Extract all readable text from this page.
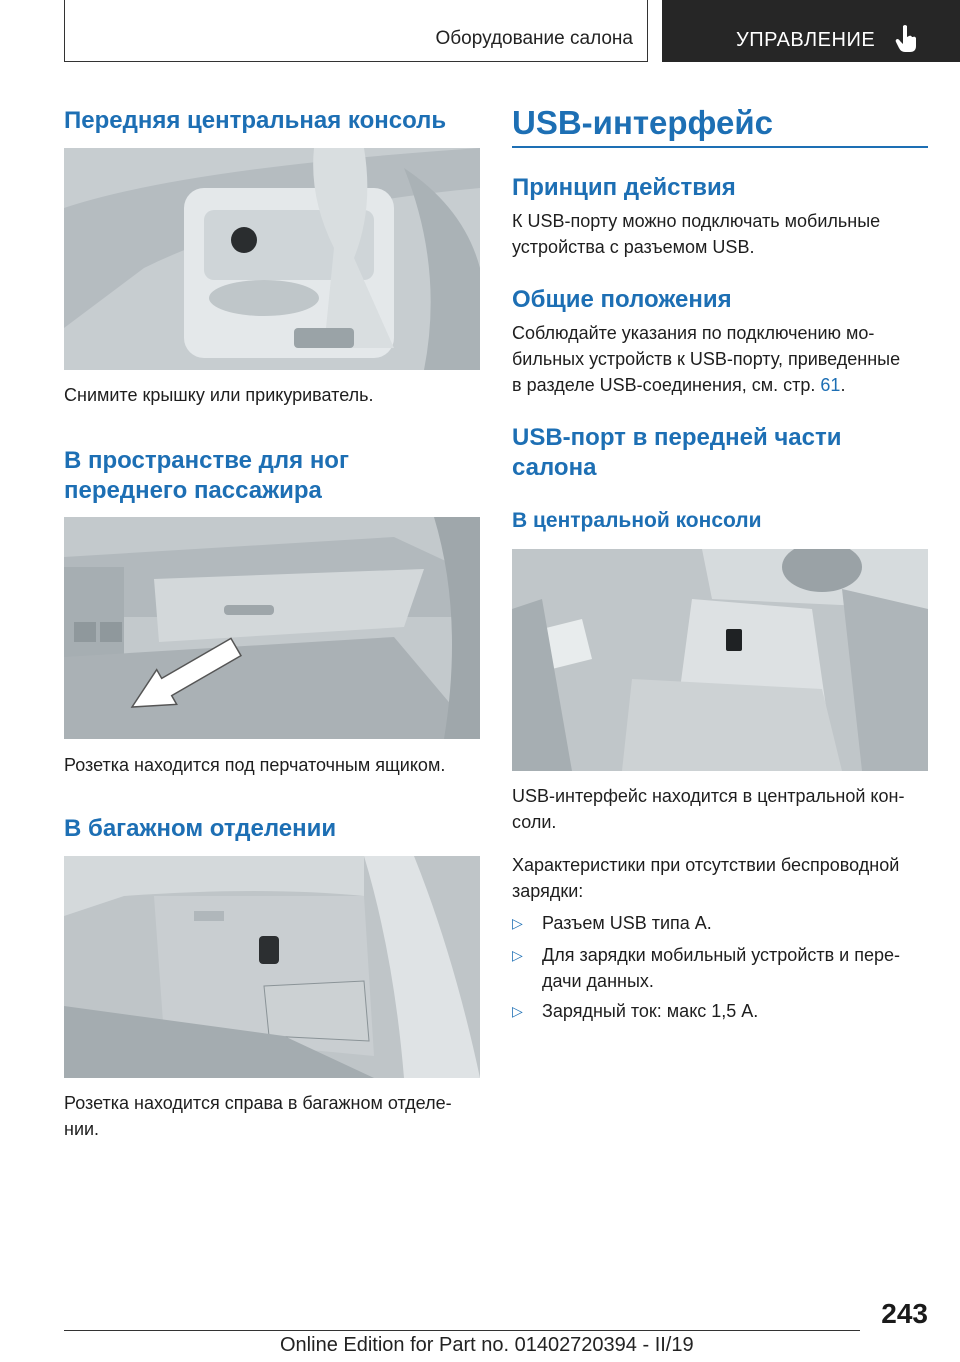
Оборудование салона	УПРАВЛЕНИЕ
Передняя центральная консоль

Снимите крышку или прикуриватель.

В пространстве для ног
переднего пассажира

Розетка находится под перчаточным ящиком.

В багажном отделении

Розетка находится справа в багажном отделе-

нии.

USB-интерфейс
Принцип действия

К USB-порту можно подключать мобильные

устройства с разъемом USB.

Общие положения

Соблюдайте указания по подключению мо-

бильных устройств к USB-порту, приведенные

в разделе USB-соединения, см. стр. 61.

USB-порт в передней части
салона
В центральной консоли

USB-интерфейс находится в центральной кон-

соли.

Характеристики при отсутствии беспроводной

зарядки:

▷ Разъем USB типа A.
▷ Для зарядки мобильный устройств и пере-
дачи данных.
▷ Зарядный ток: макс 1,5 A.
243
Online Edition for Part no. 01402720394 - II/19
